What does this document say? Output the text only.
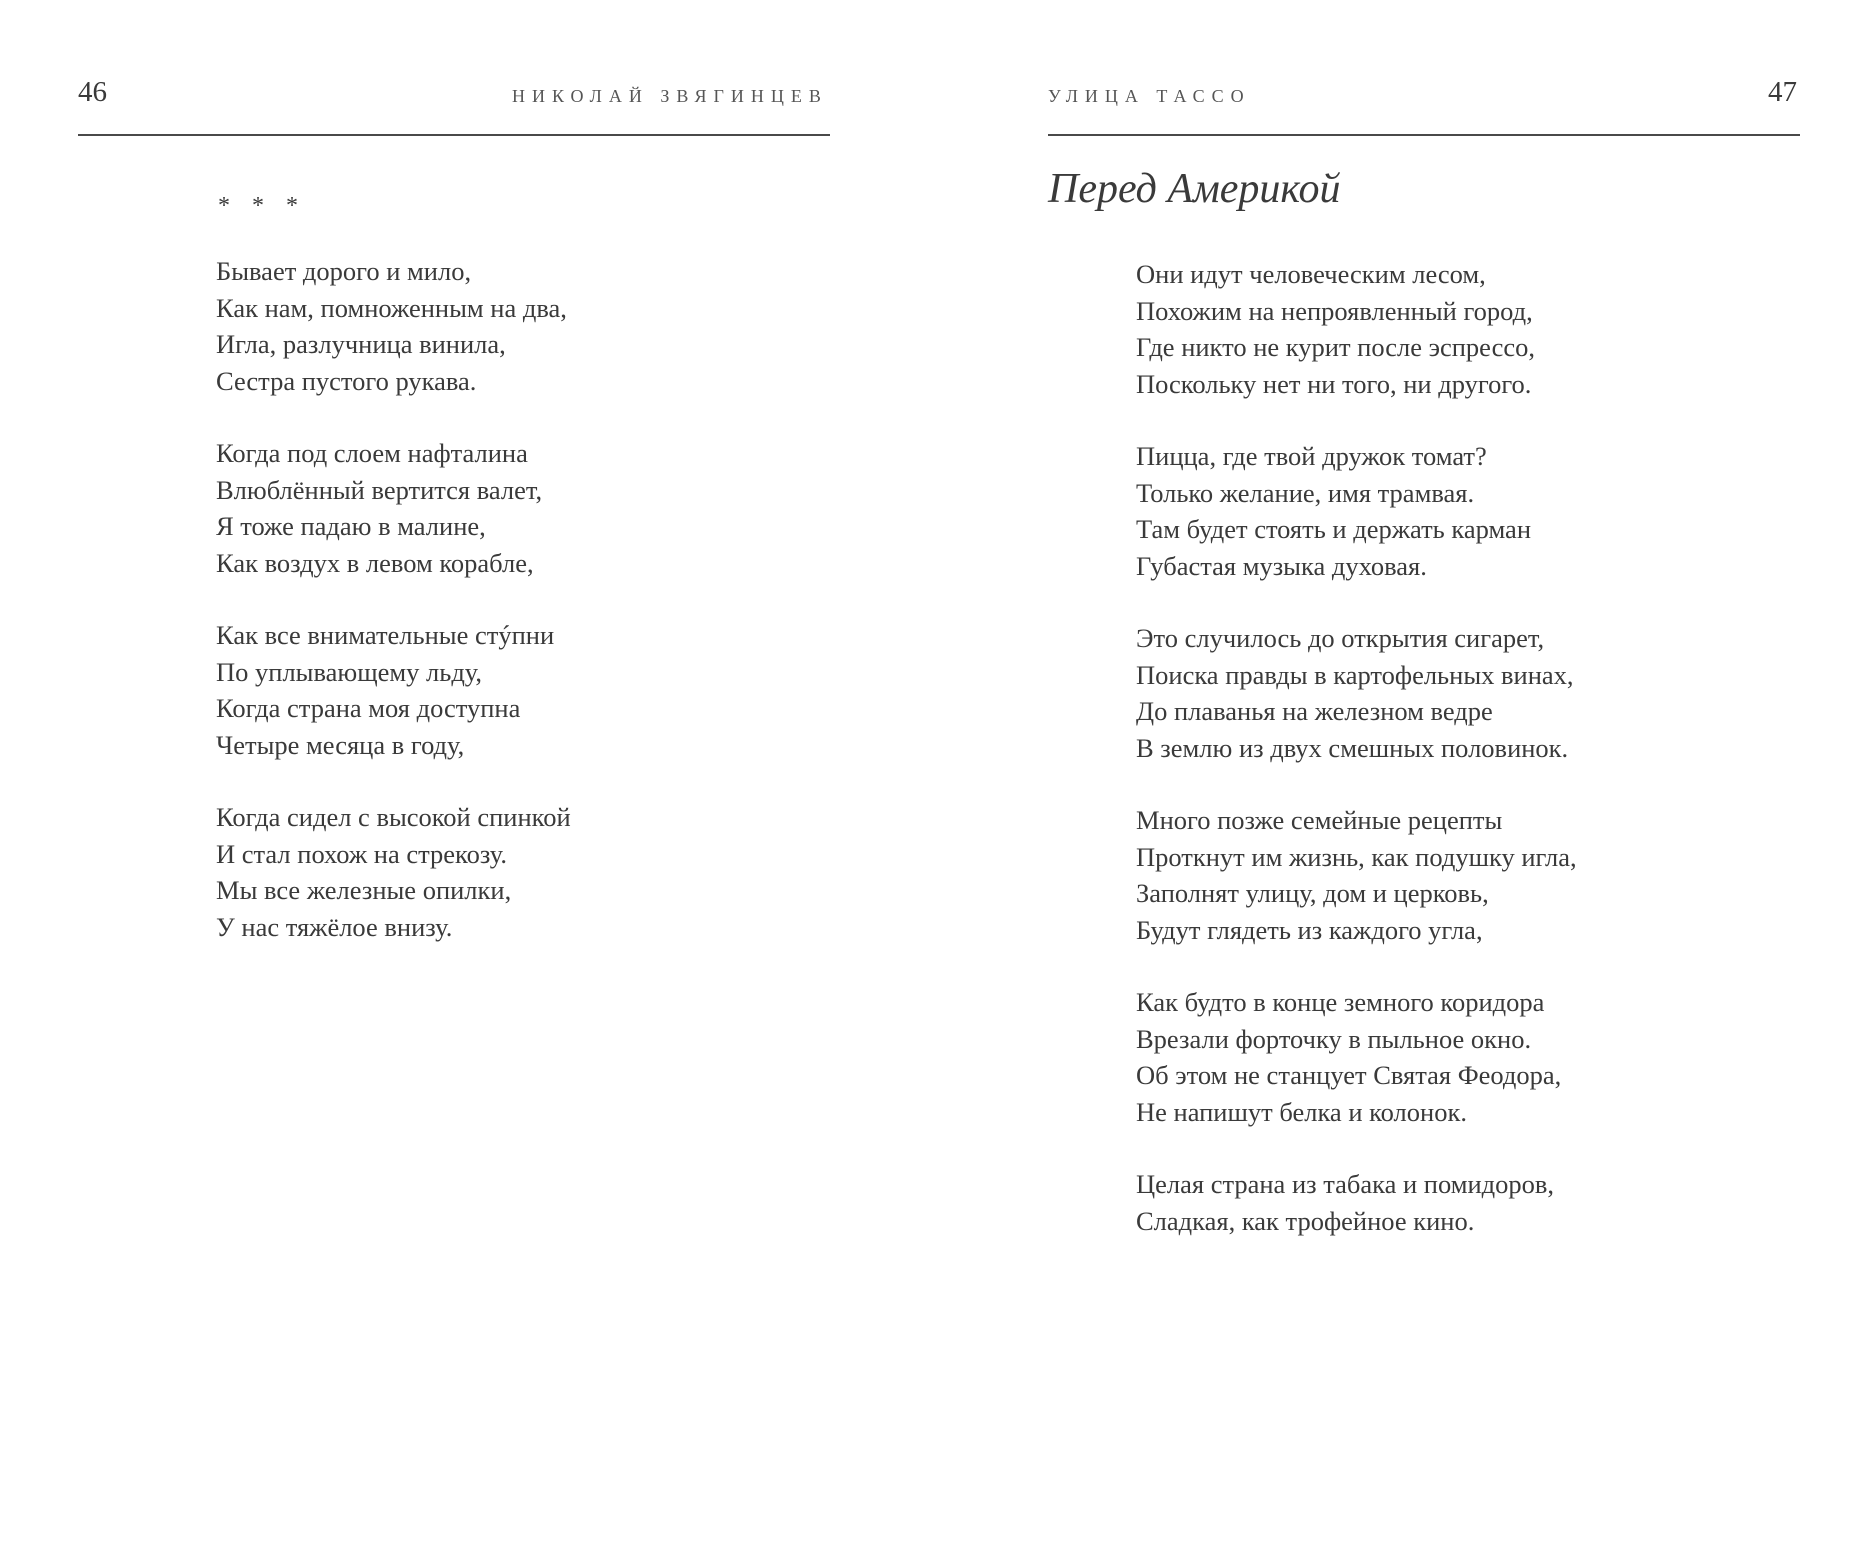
46	НИКОЛАЙ ЗВЯГИНЦЕВ
* * *
Бывает дорого и мило,
Как нам, помноженным на два,
Игла, разлучница винила,
Сестра пустого рукава.
Когда под слоем нафталина
Влюблённый вертится валет,
Я тоже падаю в малине,
Как воздух в левом корабле,
Как все внимательные стýпни
По уплывающему льду,
Когда страна моя доступна
Четыре месяца в году,
Когда сидел с высокой спинкой
И стал похож на стрекозу.
Мы все железные опилки,
У нас тяжёлое внизу.
УЛИЦА ТАССО	47
Перед Америкой
Они идут человеческим лесом,
Похожим на непроявленный город,
Где никто не курит после эспрессо,
Поскольку нет ни того, ни другого.
Пицца, где твой дружок томат?
Только желание, имя трамвая.
Там будет стоять и держать карман
Губастая музыка духовая.
Это случилось до открытия сигарет,
Поиска правды в картофельных винах,
До плаванья на железном ведре
В землю из двух смешных половинок.
Много позже семейные рецепты
Проткнут им жизнь, как подушку игла,
Заполнят улицу, дом и церковь,
Будут глядеть из каждого угла,
Как будто в конце земного коридора
Врезали форточку в пыльное окно.
Об этом не станцует Святая Феодора,
Не напишут белка и колонок.
Целая страна из табака и помидоров,
Сладкая, как трофейное кино.
